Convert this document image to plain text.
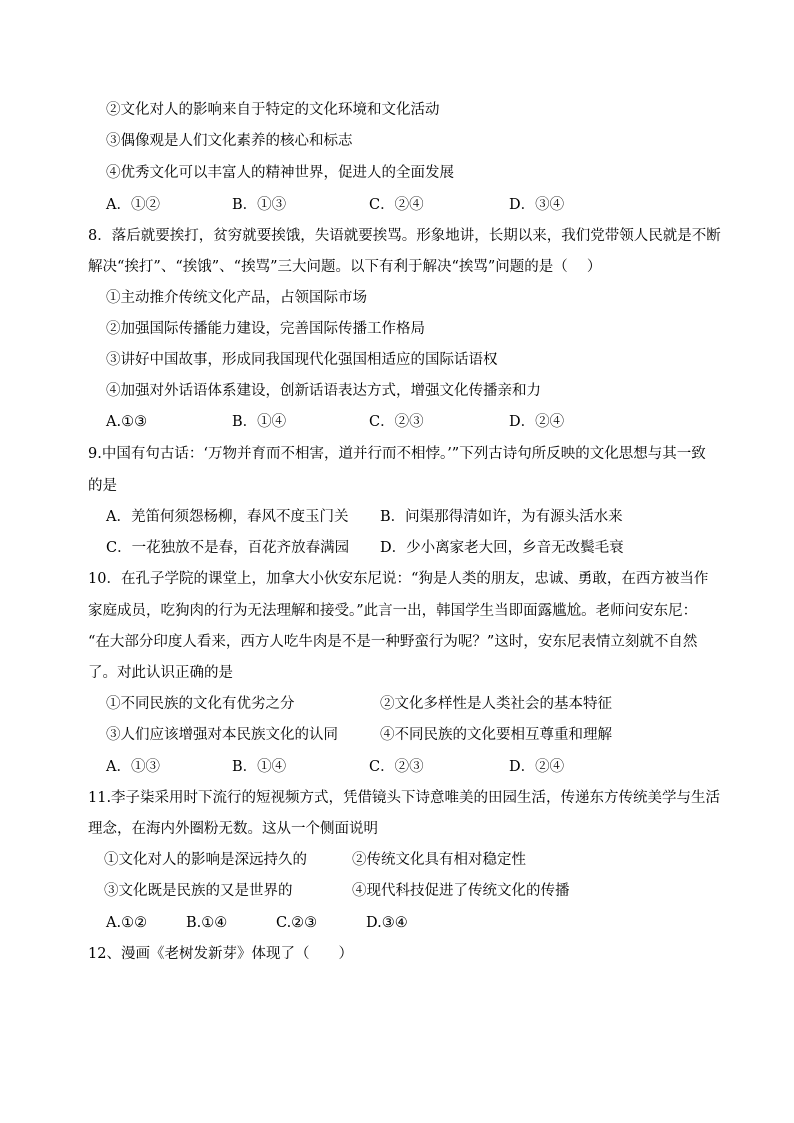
②文化对人的影响来自于特定的文化环境和文化活动
③偶像观是人们文化素养的核心和标志
④优秀文化可以丰富人的精神世界，促进人的全面发展
A．①②	B．①③	C．②④	D．③④
8．落后就要挨打，贫穷就要挨饿，失语就要挨骂。形象地讲，长期以来，我们党带领人民就是不断
解决“挨打”、“挨饿”、“挨骂”三大问题。以下有利于解决“挨骂”问题的是（　 ）
①主动推介传统文化产品，占领国际市场
②加强国际传播能力建设，完善国际传播工作格局
③讲好中国故事，形成同我国现代化强国相适应的国际话语权
④加强对外话语体系建设，创新话语表达方式，增强文化传播亲和力
A.①③	B．①④	C．②③	D．②④
9.中国有句古话：‘万物并育而不相害，道并行而不相悖。’”下列古诗句所反映的文化思想与其一致
的是
A．羌笛何须怨杨柳，春风不度玉门关 B．问渠那得清如许，为有源头活水来
C．一花独放不是春，百花齐放春满园 D．少小离家老大回，乡音无改鬓毛衰
10．在孔子学院的课堂上，加拿大小伙安东尼说：“狗是人类的朋友，忠诚、勇敢，在西方被当作
家庭成员，吃狗肉的行为无法理解和接受。”此言一出，韩国学生当即面露尴尬。老师问安东尼：
“在大部分印度人看来，西方人吃牛肉是不是一种野蛮行为呢？”这时，安东尼表情立刻就不自然
了。对此认识正确的是
①不同民族的文化有优劣之分	②文化多样性是人类社会的基本特征
③人们应该增强对本民族文化的认同	④不同民族的文化要相互尊重和理解
A．①③	B．①④	C．②③	D．②④
11.李子柒采用时下流行的短视频方式，凭借镜头下诗意唯美的田园生活，传递东方传统美学与生活
理念，在海内外圈粉无数。这从一个侧面说明
①文化对人的影响是深远持久的	②传统文化具有相对稳定性
③文化既是民族的又是世界的	④现代科技促进了传统文化的传播
A.①②	B.①④	C.②③	D.③④
12、漫画《老树发新芽》体现了（　　）
